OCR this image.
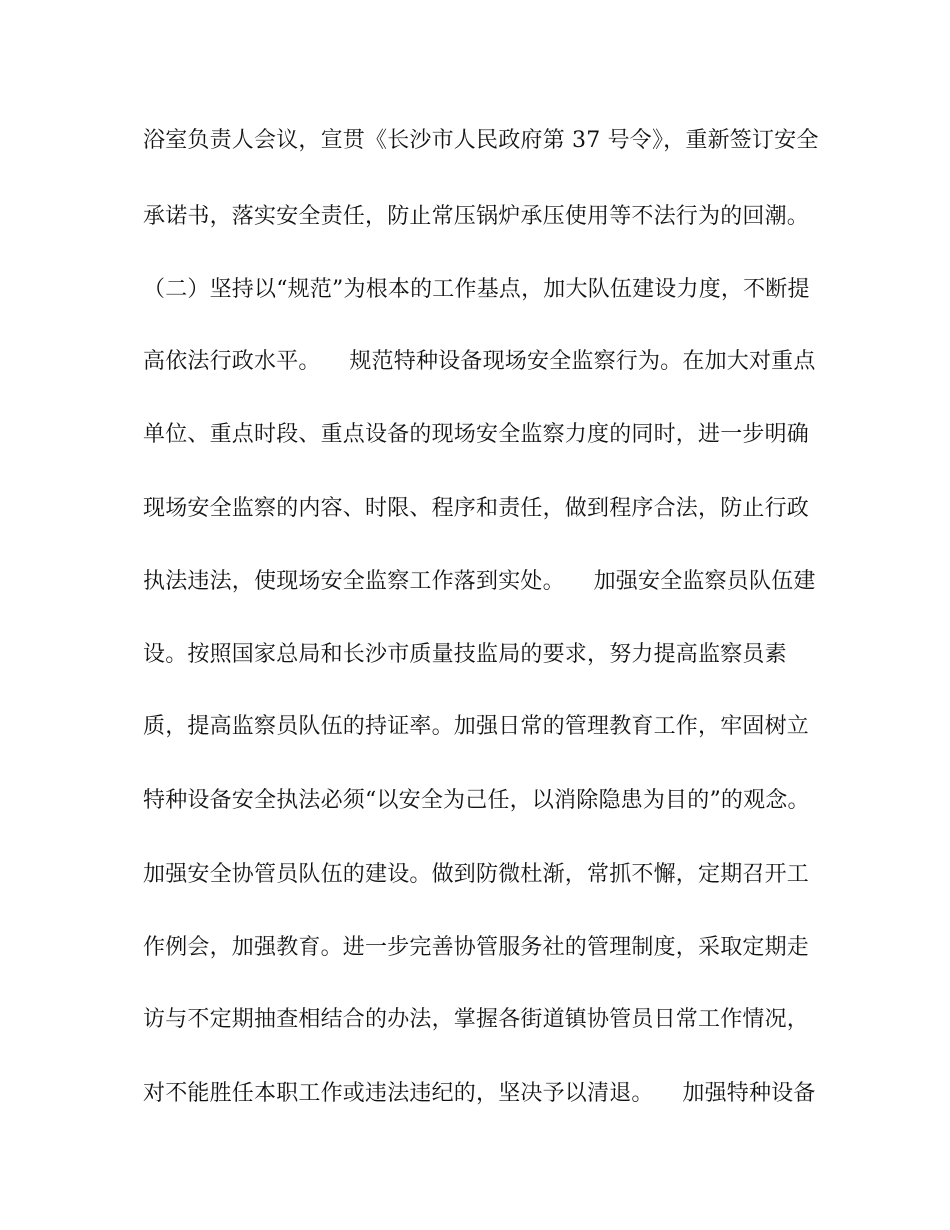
浴室负责人会议，宣贯《长沙市人民政府第 37 号令》，重新签订安全
承诺书，落实安全责任，防止常压锅炉承压使用等不法行为的回潮。
（二）坚持以“规范”为根本的工作基点，加大队伍建设力度，不断提
高依法行政水平。    规范特种设备现场安全监察行为。在加大对重点
单位、重点时段、重点设备的现场安全监察力度的同时，进一步明确
现场安全监察的内容、时限、程序和责任，做到程序合法，防止行政
执法违法，使现场安全监察工作落到实处。    加强安全监察员队伍建
设。按照国家总局和长沙市质量技监局的要求，努力提高监察员素
质，提高监察员队伍的持证率。加强日常的管理教育工作，牢固树立
特种设备安全执法必须“以安全为己任，以消除隐患为目的”的观念。
加强安全协管员队伍的建设。做到防微杜渐，常抓不懈，定期召开工
作例会，加强教育。进一步完善协管服务社的管理制度，采取定期走
访与不定期抽查相结合的办法，掌握各街道镇协管员日常工作情况，
对不能胜任本职工作或违法违纪的，坚决予以清退。    加强特种设备
